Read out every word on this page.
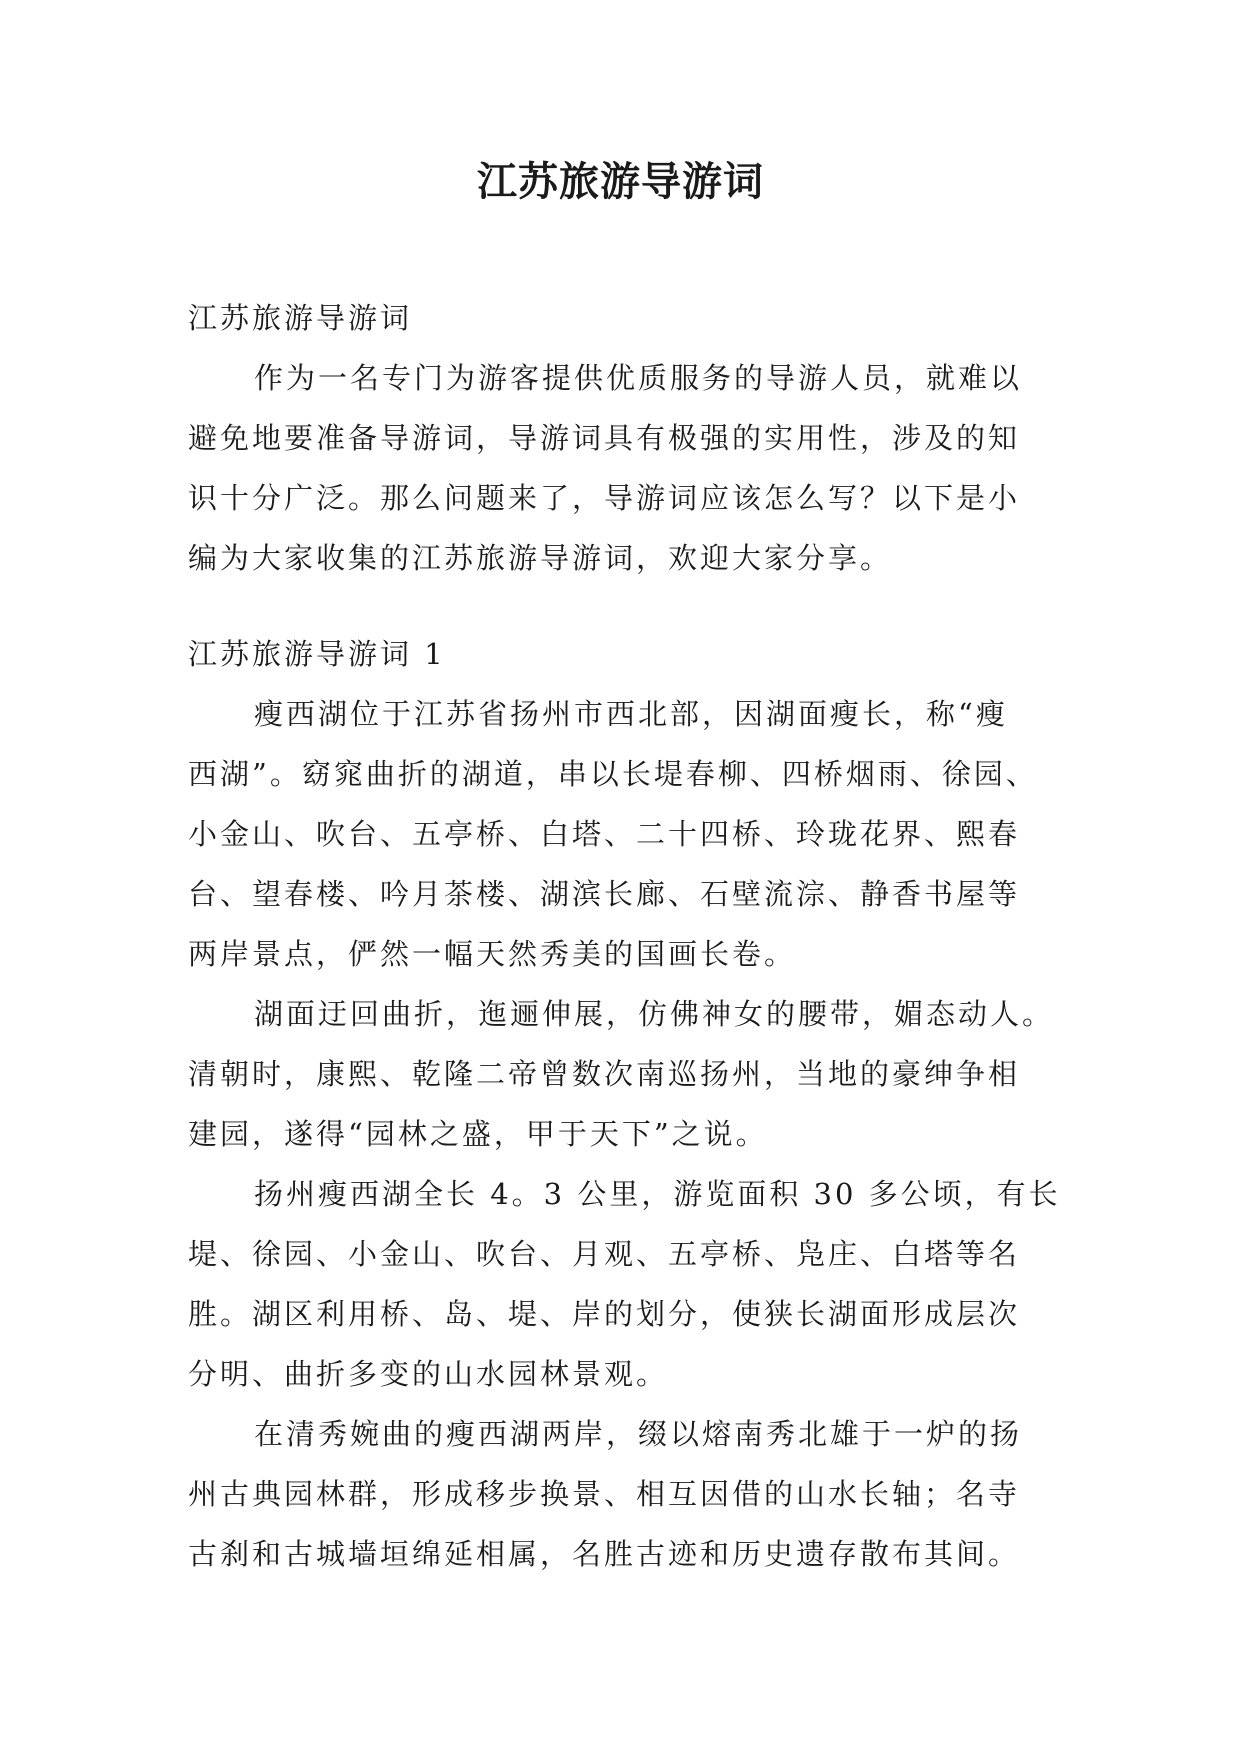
江苏旅游导游词
江苏旅游导游词
作为一名专门为游客提供优质服务的导游人员，就难以
避免地要准备导游词，导游词具有极强的实用性，涉及的知
识十分广泛。那么问题来了，导游词应该怎么写？以下是小
编为大家收集的江苏旅游导游词，欢迎大家分享。
江苏旅游导游词 1
瘦西湖位于江苏省扬州市西北部，因湖面瘦长，称“瘦
西湖”。窈窕曲折的湖道，串以长堤春柳、四桥烟雨、徐园、
小金山、吹台、五亭桥、白塔、二十四桥、玲珑花界、熙春
台、望春楼、吟月茶楼、湖滨长廊、石壁流淙、静香书屋等
两岸景点，俨然一幅天然秀美的国画长卷。
湖面迂回曲折，迤逦伸展，仿佛神女的腰带，媚态动人。
清朝时，康熙、乾隆二帝曾数次南巡扬州，当地的豪绅争相
建园，遂得“园林之盛，甲于天下”之说。
扬州瘦西湖全长 4。3 公里，游览面积 30 多公顷，有长
堤、徐园、小金山、吹台、月观、五亭桥、凫庄、白塔等名
胜。湖区利用桥、岛、堤、岸的划分，使狭长湖面形成层次
分明、曲折多变的山水园林景观。
在清秀婉曲的瘦西湖两岸，缀以熔南秀北雄于一炉的扬
州古典园林群，形成移步换景、相互因借的山水长轴；名寺
古刹和古城墙垣绵延相属，名胜古迹和历史遗存散布其间。
